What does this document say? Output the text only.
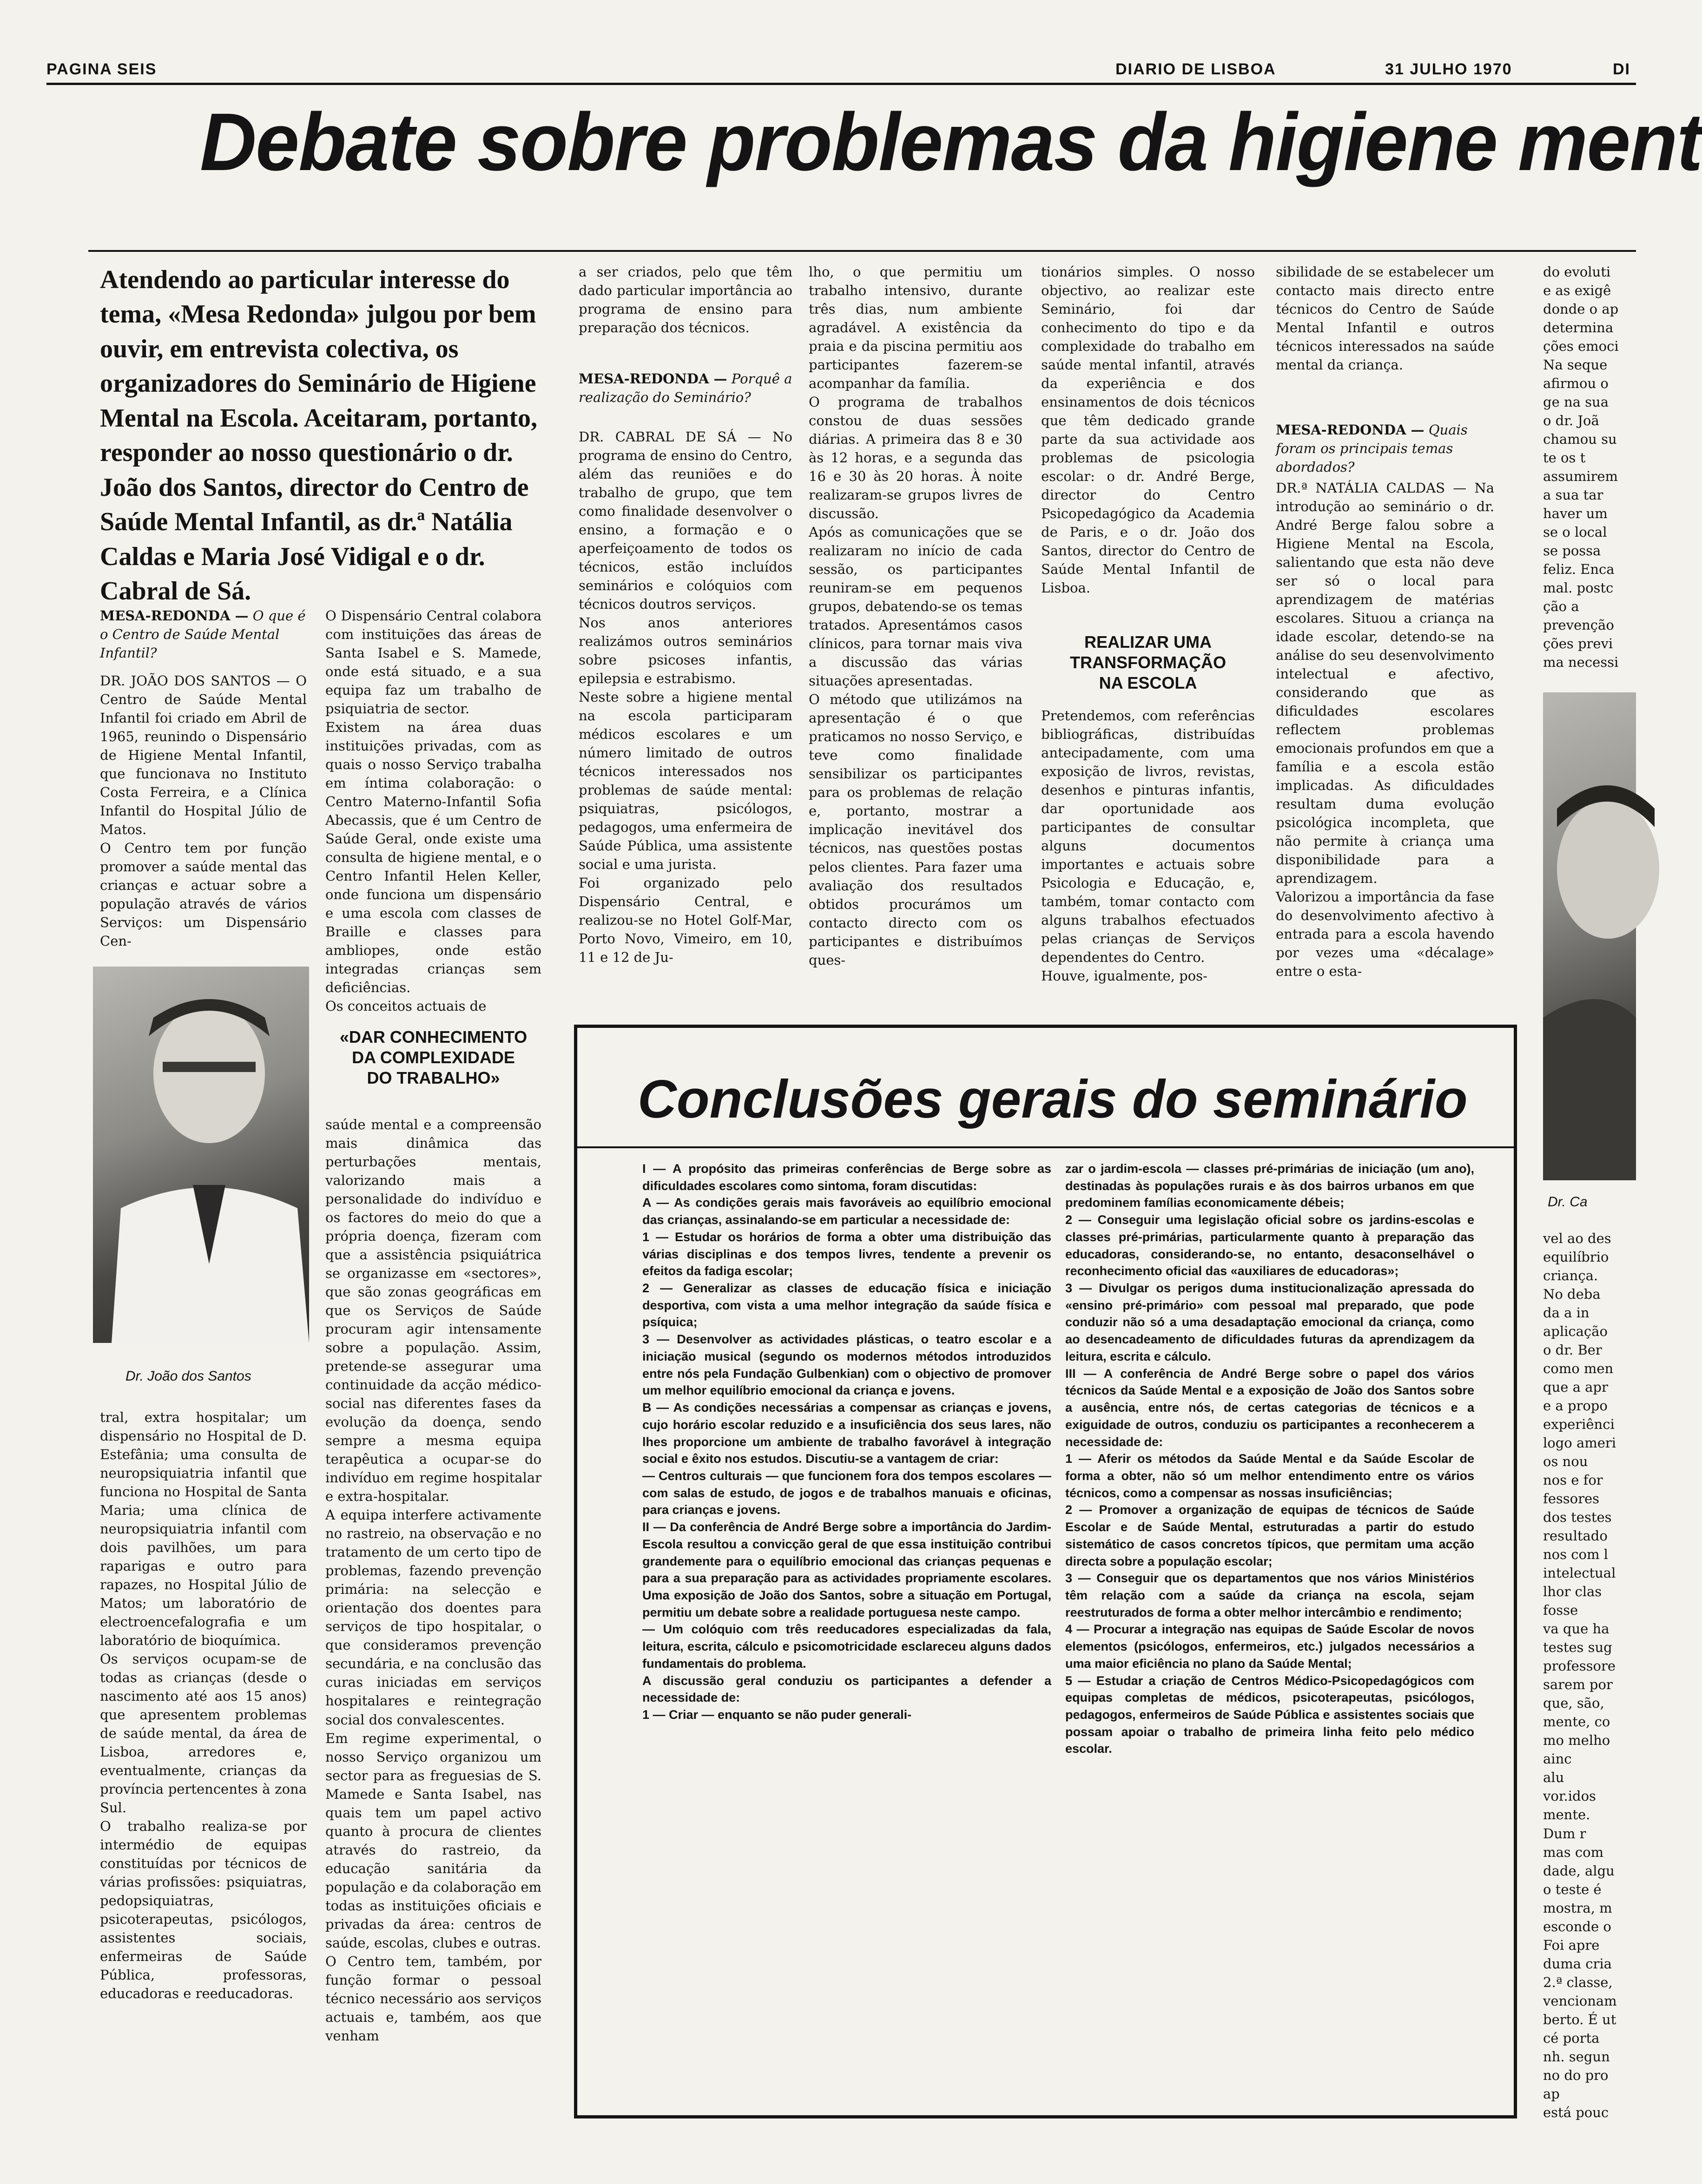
PAGINA SEIS	DIARIO DE LISBOA	31 JULHO 1970	DI
Debate sobre problemas da higiene ment
Atendendo ao particular interesse do tema, «Mesa Redonda» julgou por bem ouvir, em entrevista colectiva, os organizadores do Seminário de Higiene Mental na Escola. Aceitaram, portanto, responder ao nosso questionário o dr. João dos Santos, director do Centro de Saúde Mental Infantil, as dr.ª Natália Caldas e Maria José Vidigal e o dr. Cabral de Sá.
MESA-REDONDA — O que é o Centro de Saúde Mental Infantil?
DR. JOÃO DOS SANTOS — O Centro de Saúde Mental Infantil foi criado em Abril de 1965, reunindo o Dispensário de Higiene Mental Infantil, que funcionava no Instituto Costa Ferreira, e a Clínica Infantil do Hospital Júlio de Matos.
O Centro tem por função promover a saúde mental das crianças e actuar sobre a população através de vários Serviços: um Dispensário Cen-
Dr. João dos Santos
tral, extra hospitalar; um dispensário no Hospital de D. Estefânia; uma consulta de neuropsiquiatria infantil que funciona no Hospital de Santa Maria; uma clínica de neuropsiquiatria infantil com dois pavilhões, um para raparigas e outro para rapazes, no Hospital Júlio de Matos; um laboratório de electroencefalografia e um laboratório de bioquímica.
Os serviços ocupam-se de todas as crianças (desde o nascimento até aos 15 anos) que apresentem problemas de saúde mental, da área de Lisboa, arredores e, eventualmente, crianças da província pertencentes à zona Sul.
O trabalho realiza-se por intermédio de equipas constituídas por técnicos de várias profissões: psiquiatras, pedopsiquiatras, psicoterapeutas, psicólogos, assistentes sociais, enfermeiras de Saúde Pública, professoras, educadoras e reeducadoras.
O Dispensário Central colabora com instituições das áreas de Santa Isabel e S. Mamede, onde está situado, e a sua equipa faz um trabalho de psiquiatria de sector.
Existem na área duas instituições privadas, com as quais o nosso Serviço trabalha em íntima colaboração: o Centro Materno-Infantil Sofia Abecassis, que é um Centro de Saúde Geral, onde existe uma consulta de higiene mental, e o Centro Infantil Helen Keller, onde funciona um dispensário e uma escola com classes de Braille e classes para ambliopes, onde estão integradas crianças sem deficiências.
Os conceitos actuais de
«DAR CONHECIMENTO
DA COMPLEXIDADE
DO TRABALHO»
saúde mental e a compreensão mais dinâmica das perturbações mentais, valorizando mais a personalidade do indivíduo e os factores do meio do que a própria doença, fizeram com que a assistência psiquiátrica se organizasse em «sectores», que são zonas geográficas em que os Serviços de Saúde procuram agir intensamente sobre a população. Assim, pretende-se assegurar uma continuidade da acção médico-social nas diferentes fases da evolução da doença, sendo sempre a mesma equipa terapêutica a ocupar-se do indivíduo em regime hospitalar e extra-hospitalar.
A equipa interfere activamente no rastreio, na observação e no tratamento de um certo tipo de problemas, fazendo prevenção primária: na selecção e orientação dos doentes para serviços de tipo hospitalar, o que consideramos prevenção secundária, e na conclusão das curas iniciadas em serviços hospitalares e reintegração social dos convalescentes.
Em regime experimental, o nosso Serviço organizou um sector para as freguesias de S. Mamede e Santa Isabel, nas quais tem um papel activo quanto à procura de clientes através do rastreio, da educação sanitária da população e da colaboração em todas as instituições oficiais e privadas da área: centros de saúde, escolas, clubes e outras.
O Centro tem, também, por função formar o pessoal técnico necessário aos serviços actuais e, também, aos que venham
a ser criados, pelo que têm dado particular importância ao programa de ensino para preparação dos técnicos.
MESA-REDONDA — Porquê a realização do Seminário?
DR. CABRAL DE SÁ — No programa de ensino do Centro, além das reuniões e do trabalho de grupo, que tem como finalidade desenvolver o ensino, a formação e o aperfeiçoamento de todos os técnicos, estão incluídos seminários e colóquios com técnicos doutros serviços.
Nos anos anteriores realizámos outros seminários sobre psicoses infantis, epilepsia e estrabismo.
Neste sobre a higiene mental na escola participaram médicos escolares e um número limitado de outros técnicos interessados nos problemas de saúde mental: psiquiatras, psicólogos, pedagogos, uma enfermeira de Saúde Pública, uma assistente social e uma jurista.
Foi organizado pelo Dispensário Central, e realizou-se no Hotel Golf-Mar, Porto Novo, Vimeiro, em 10, 11 e 12 de Ju-
lho, o que permitiu um trabalho intensivo, durante três dias, num ambiente agradável. A existência da praia e da piscina permitiu aos participantes fazerem-se acompanhar da família.
O programa de trabalhos constou de duas sessões diárias. A primeira das 8 e 30 às 12 horas, e a segunda das 16 e 30 às 20 horas. À noite realizaram-se grupos livres de discussão.
Após as comunicações que se realizaram no início de cada sessão, os participantes reuniram-se em pequenos grupos, debatendo-se os temas tratados. Apresentámos casos clínicos, para tornar mais viva a discussão das várias situações apresentadas.
O método que utilizámos na apresentação é o que praticamos no nosso Serviço, e teve como finalidade sensibilizar os participantes para os problemas de relação e, portanto, mostrar a implicação inevitável dos técnicos, nas questões postas pelos clientes. Para fazer uma avaliação dos resultados obtidos procurámos um contacto directo com os participantes e distribuímos ques-
tionários simples. O nosso objectivo, ao realizar este Seminário, foi dar conhecimento do tipo e da complexidade do trabalho em saúde mental infantil, através da experiência e dos ensinamentos de dois técnicos que têm dedicado grande parte da sua actividade aos problemas de psicologia escolar: o dr. André Berge, director do Centro Psicopedagógico da Academia de Paris, e o dr. João dos Santos, director do Centro de Saúde Mental Infantil de Lisboa.
REALIZAR UMA
TRANSFORMAÇÃO
NA ESCOLA
Pretendemos, com referências bibliográficas, distribuídas antecipadamente, com uma exposição de livros, revistas, desenhos e pinturas infantis, dar oportunidade aos participantes de consultar alguns documentos importantes e actuais sobre Psicologia e Educação, e, também, tomar contacto com alguns trabalhos efectuados pelas crianças de Serviços dependentes do Centro.
Houve, igualmente, pos-
sibilidade de se estabelecer um contacto mais directo entre técnicos do Centro de Saúde Mental Infantil e outros técnicos interessados na saúde mental da criança.
MESA-REDONDA — Quais foram os principais temas abordados?
DR.ª NATÁLIA CALDAS — Na introdução ao seminário o dr. André Berge falou sobre a Higiene Mental na Escola, salientando que esta não deve ser só o local para aprendizagem de matérias escolares. Situou a criança na idade escolar, detendo-se na análise do seu desenvolvimento intelectual e afectivo, considerando que as dificuldades escolares reflectem problemas emocionais profundos em que a família e a escola estão implicadas. As dificuldades resultam duma evolução psicológica incompleta, que não permite à criança uma disponibilidade para a aprendizagem.
Valorizou a importância da fase do desenvolvimento afectivo à entrada para a escola havendo por vezes uma «décalage» entre o esta-
do evoluti
e as exigê
donde o ap
determina
ções emoci
Na seque
afirmou o
ge na sua
o dr. Joã
chamou su
te os t
assumirem
a sua tar
haver um
se o local
se possa
feliz. Enca
mal. postc
ção a
prevenção
ções previ
ma necessi
Dr. Ca
vel ao des
equilíbrio
criança.
No deba
da a in
aplicação
o dr. Ber
como men
que a apr
e a propo
experiênci
logo ameri
os nou
nos e for
fessores
dos testes
resultado
nos com l
intelectual
lhor clas
fosse
va que ha
testes sug
professore
sarem por
que, são,
mente, co
mo melho
ainc
alu
vor.idos
mente.
Dum r
mas com
dade, algu
o teste é
mostra, m
esconde o
Foi apre
duma cria
2.ª classe,
vencionam
berto. É ut
cé porta
nh. segun
no do pro
ap
está pouc
Conclusões gerais do seminário
I — A propósito das primeiras conferências de Berge sobre as dificuldades escolares como sintoma, foram discutidas:
A — As condições gerais mais favoráveis ao equilíbrio emocional das crianças, assinalando-se em particular a necessidade de:
1 — Estudar os horários de forma a obter uma distribuição das várias disciplinas e dos tempos livres, tendente a prevenir os efeitos da fadiga escolar;
2 — Generalizar as classes de educação física e iniciação desportiva, com vista a uma melhor integração da saúde física e psíquica;
3 — Desenvolver as actividades plásticas, o teatro escolar e a iniciação musical (segundo os modernos métodos introduzidos entre nós pela Fundação Gulbenkian) com o objectivo de promover um melhor equilíbrio emocional da criança e jovens.
B — As condições necessárias a compensar as crianças e jovens, cujo horário escolar reduzido e a insuficiência dos seus lares, não lhes proporcione um ambiente de trabalho favorável à integração social e êxito nos estudos. Discutiu-se a vantagem de criar:
— Centros culturais — que funcionem fora dos tempos escolares — com salas de estudo, de jogos e de trabalhos manuais e oficinas, para crianças e jovens.
II — Da conferência de André Berge sobre a importância do Jardim-Escola resultou a convicção geral de que essa instituição contribui grandemente para o equilíbrio emocional das crianças pequenas e para a sua preparação para as actividades propriamente escolares. Uma exposição de João dos Santos, sobre a situação em Portugal, permitiu um debate sobre a realidade portuguesa neste campo.
— Um colóquio com três reeducadores especializadas da fala, leitura, escrita, cálculo e psicomotricidade esclareceu alguns dados fundamentais do problema.
A discussão geral conduziu os participantes a defender a necessidade de:
1 — Criar — enquanto se não puder generali-
zar o jardim-escola — classes pré-primárias de iniciação (um ano), destinadas às populações rurais e às dos bairros urbanos em que predominem famílias economicamente débeis;
2 — Conseguir uma legislação oficial sobre os jardins-escolas e classes pré-primárias, particularmente quanto à preparação das educadoras, considerando-se, no entanto, desaconselhável o reconhecimento oficial das «auxiliares de educadoras»;
3 — Divulgar os perigos duma institucionalização apressada do «ensino pré-primário» com pessoal mal preparado, que pode conduzir não só a uma desadaptação emocional da criança, como ao desencadeamento de dificuldades futuras da aprendizagem da leitura, escrita e cálculo.
III — A conferência de André Berge sobre o papel dos vários técnicos da Saúde Mental e a exposição de João dos Santos sobre a ausência, entre nós, de certas categorias de técnicos e a exiguidade de outros, conduziu os participantes a reconhecerem a necessidade de:
1 — Aferir os métodos da Saúde Mental e da Saúde Escolar de forma a obter, não só um melhor entendimento entre os vários técnicos, como a compensar as nossas insuficiências;
2 — Promover a organização de equipas de técnicos de Saúde Escolar e de Saúde Mental, estruturadas a partir do estudo sistemático de casos concretos típicos, que permitam uma acção directa sobre a população escolar;
3 — Conseguir que os departamentos que nos vários Ministérios têm relação com a saúde da criança na escola, sejam reestruturados de forma a obter melhor intercâmbio e rendimento;
4 — Procurar a integração nas equipas de Saúde Escolar de novos elementos (psicólogos, enfermeiros, etc.) julgados necessários a uma maior eficiência no plano da Saúde Mental;
5 — Estudar a criação de Centros Médico-Psicopedagógicos com equipas completas de médicos, psicoterapeutas, psicólogos, pedagogos, enfermeiros de Saúde Pública e assistentes sociais que possam apoiar o trabalho de primeira linha feito pelo médico escolar.
